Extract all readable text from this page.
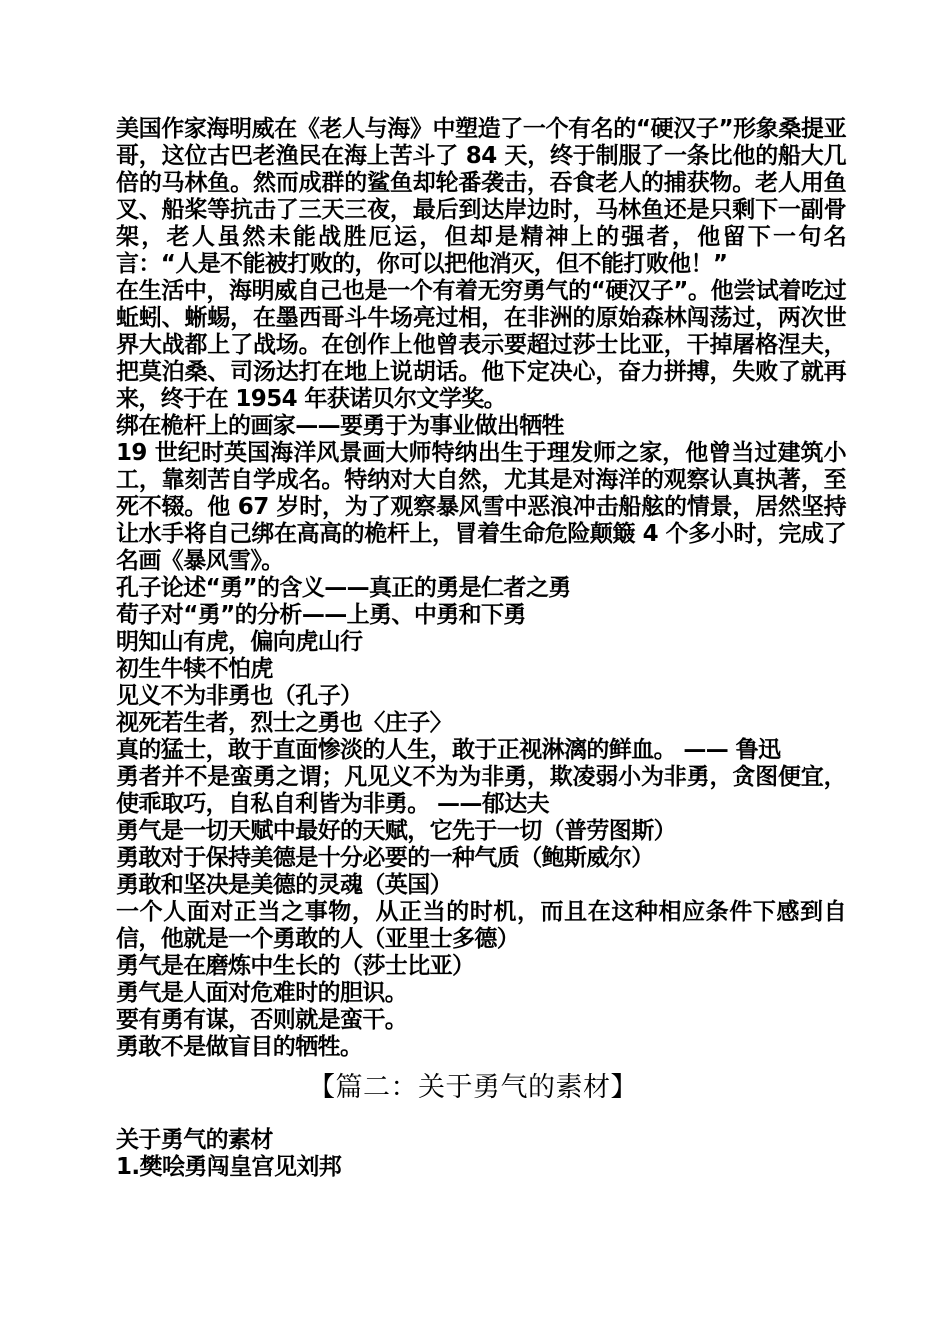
美国作家海明威在《老人与海》中塑造了一个有名的“硬汉子”形象桑提亚哥，这位古巴老渔民在海上苦斗了 84 天，终于制服了一条比他的船大几倍的马林鱼。然而成群的鲨鱼却轮番袭击，吞食老人的捕获物。老人用鱼叉、船桨等抗击了三天三夜，最后到达岸边时，马林鱼还是只剩下一副骨架，老人虽然未能战胜厄运，但却是精神上的强者，他留下一句名言：“人是不能被打败的，你可以把他消灭，但不能打败他！”

在生活中，海明威自己也是一个有着无穷勇气的“硬汉子”。他尝试着吃过蚯蚓、蜥蜴，在墨西哥斗牛场亮过相，在非洲的原始森林闯荡过，两次世界大战都上了战场。在创作上他曾表示要超过莎士比亚，干掉屠格涅夫，把莫泊桑、司汤达打在地上说胡话。他下定决心，奋力拼搏，失败了就再来，终于在 1954 年获诺贝尔文学奖。

绑在桅杆上的画家——要勇于为事业做出牺牲

19 世纪时英国海洋风景画大师特纳出生于理发师之家，他曾当过建筑小工，靠刻苦自学成名。特纳对大自然，尤其是对海洋的观察认真执著，至死不辍。他 67 岁时，为了观察暴风雪中恶浪冲击船舷的情景，居然坚持让水手将自己绑在高高的桅杆上，冒着生命危险颠簸 4 个多小时，完成了名画《暴风雪》。

孔子论述“勇”的含义——真正的勇是仁者之勇

荀子对“勇”的分析——上勇、中勇和下勇

明知山有虎，偏向虎山行

初生牛犊不怕虎

见义不为非勇也（孔子）

视死若生者，烈士之勇也〈庄子〉

真的猛士，敢于直面惨淡的人生，敢于正视淋漓的鲜血。 —— 鲁迅

勇者并不是蛮勇之谓；凡见义不为为非勇，欺凌弱小为非勇，贪图便宜，使乖取巧，自私自利皆为非勇。 ——郁达夫

勇气是一切天赋中最好的天赋，它先于一切（普劳图斯）

勇敢对于保持美德是十分必要的一种气质（鲍斯威尔）

勇敢和坚决是美德的灵魂（英国）

一个人面对正当之事物，从正当的时机，而且在这种相应条件下感到自信，他就是一个勇敢的人（亚里士多德）

勇气是在磨炼中生长的（莎士比亚）

勇气是人面对危难时的胆识。

要有勇有谋，否则就是蛮干。

勇敢不是做盲目的牺牲。

【篇二：关于勇气的素材】

关于勇气的素材

1.樊哙勇闯皇宫见刘邦
